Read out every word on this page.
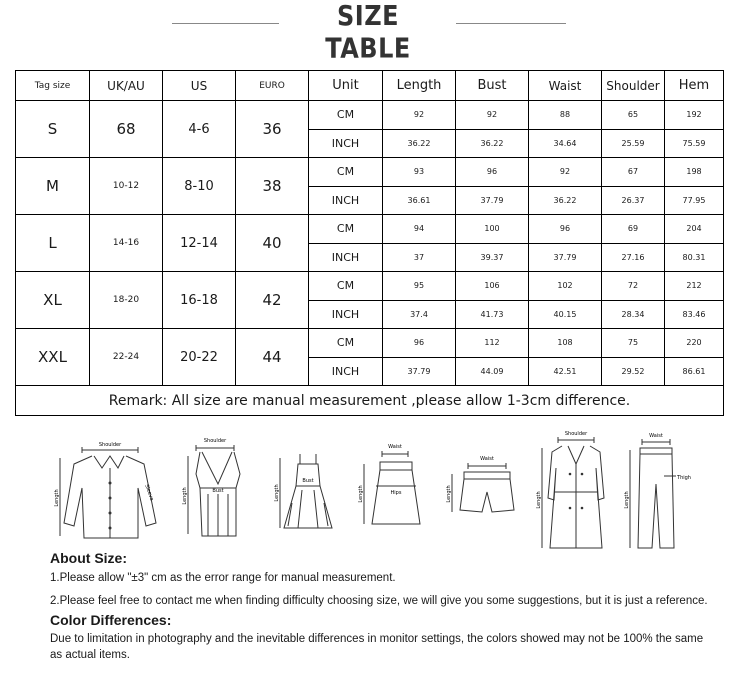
SIZE TABLE
Tag size	UK/AU	US	EURO	Unit	Length	Bust	Waist	Shoulder	Hem
S	68	4-6	36	CM	92	92	88	65	192
				INCH	36.22	36.22	34.64	25.59	75.59
M	10-12	8-10	38	CM	93	96	92	67	198
				INCH	36.61	37.79	36.22	26.37	77.95
L	14-16	12-14	40	CM	94	100	96	69	204
				INCH	37	39.37	37.79	27.16	80.31
XL	18-20	16-18	42	CM	95	106	102	72	212
				INCH	37.4	41.73	40.15	28.34	83.46
XXL	22-24	20-22	44	CM	96	112	108	75	220
				INCH	37.79	44.09	42.51	29.52	86.61
Remark: All size are manual measurement ,please allow 1-3cm difference.									
Shoulder
Length	Sleeve
Shoulder
Bust
Length
Bust
Length
Waist
Hips
Length
Waist
Length
Shoulder
Length
Waist
Thigh
Length

About Size:

1.Please allow "±3" cm as the error range for manual measurement.

2.Please feel free to contact me when finding difficulty choosing size, we will give you some suggestions, but it is just a reference.

Color Differences:

Due to limitation in photography and the inevitable differences in monitor settings, the colors showed may not be 100% the same as actual items.
